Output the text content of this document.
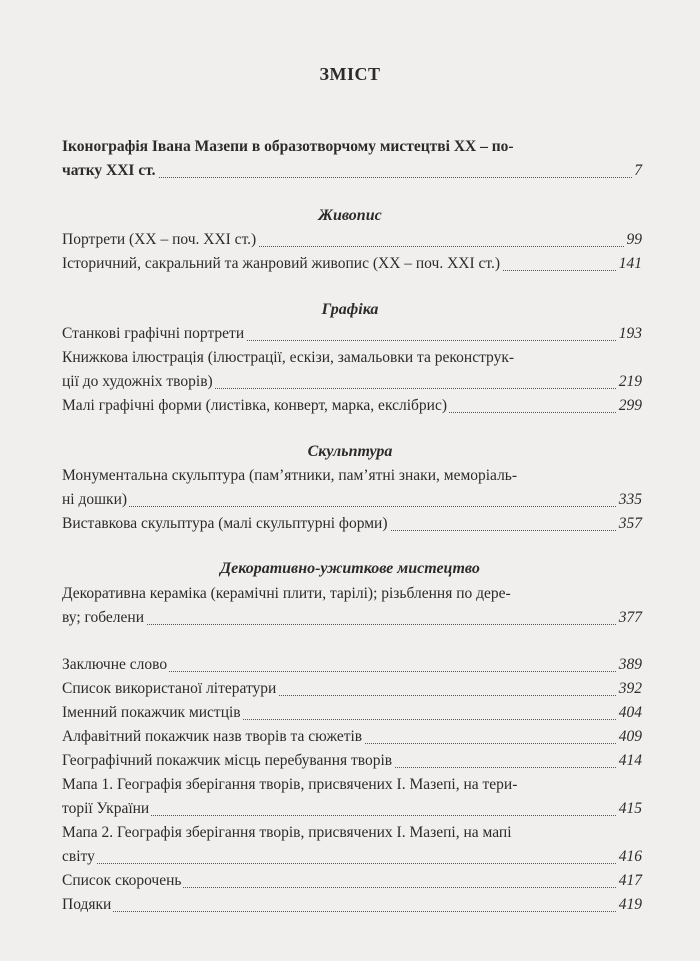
ЗМІСТ
Іконографія Івана Мазепи в образотворчому мистецтві XX – по-
чатку XXI ст.	7
Живопис
Портрети (XX – поч. XXI ст.)	99
Історичний, сакральний та жанровий живопис (XX – поч. XXI ст.)	141
Графіка
Станкові графічні портрети	193
Книжкова ілюстрація (ілюстрації, ескізи, замальовки та реконструк-
ції до художніх творів)	219
Малі графічні форми (листівка, конверт, марка, екслібрис)	299
Скульптура
Монументальна скульптура (пам’ятники, пам’ятні знаки, меморіаль-
ні дошки)	335
Виставкова скульптура (малі скульптурні форми)	357
Декоративно-ужиткове мистецтво
Декоративна кераміка (керамічні плити, тарілі); різьблення по дере-
ву; гобелени	377
Заключне слово	389
Список використаної літератури	392
Іменний покажчик мистців	404
Алфавітний покажчик назв творів та сюжетів	409
Географічний покажчик місць перебування творів	414
Мапа 1. Географія зберігання творів, присвячених І. Мазепі, на тери-
торії України	415
Мапа 2. Географія зберігання творів, присвячених І. Мазепі, на мапі
світу	416
Список скорочень	417
Подяки	419
